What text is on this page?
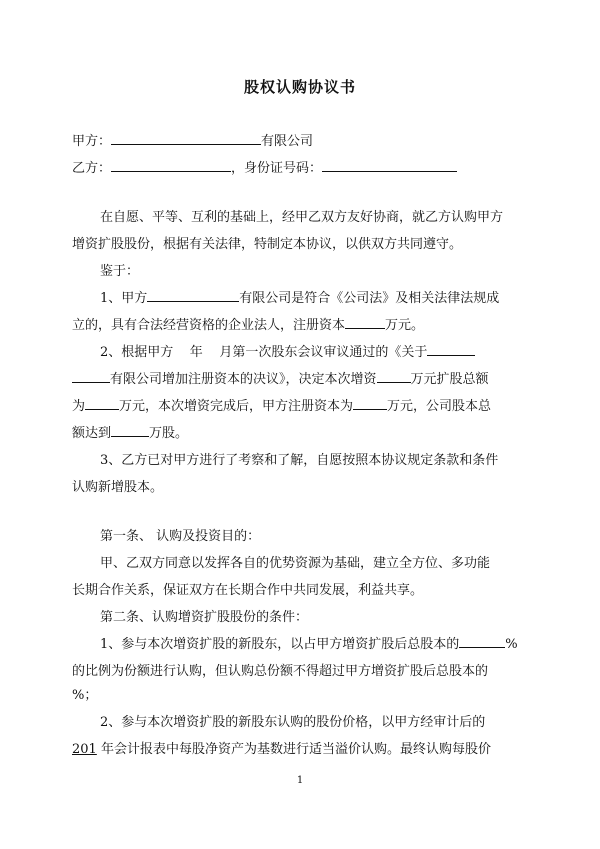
股权认购协议书
甲方：	有限公司
乙方：	，身份证号码：
在自愿、平等、互利的基础上，经甲乙双方友好协商，就乙方认购甲方
增资扩股股份，根据有关法律，特制定本协议，以供双方共同遵守。
鉴于：
1、甲方	有限公司是符合《公司法》及相关法律法规成
立的，具有合法经营资格的企业法人，注册资本	万元。
2、根据甲方    年    月第一次股东会议审议通过的《关于
有限公司增加注册资本的决议》，决定本次增资	万元扩股总额
为	万元，本次增资完成后，甲方注册资本为	万元，公司股本总
额达到	万股。
3、乙方已对甲方进行了考察和了解，自愿按照本协议规定条款和条件
认购新增股本。
第一条、 认购及投资目的：
甲、乙双方同意以发挥各自的优势资源为基础，建立全方位、多功能
长期合作关系，保证双方在长期合作中共同发展，利益共享。
第二条、认购增资扩股股份的条件：
1、参与本次增资扩股的新股东，以占甲方增资扩股后总股本的	%
的比例为份额进行认购，但认购总份额不得超过甲方增资扩股后总股本的
%；
2、参与本次增资扩股的新股东认购的股份价格，以甲方经审计后的
201 年会计报表中每股净资产为基数进行适当溢价认购。最终认购每股价
1
